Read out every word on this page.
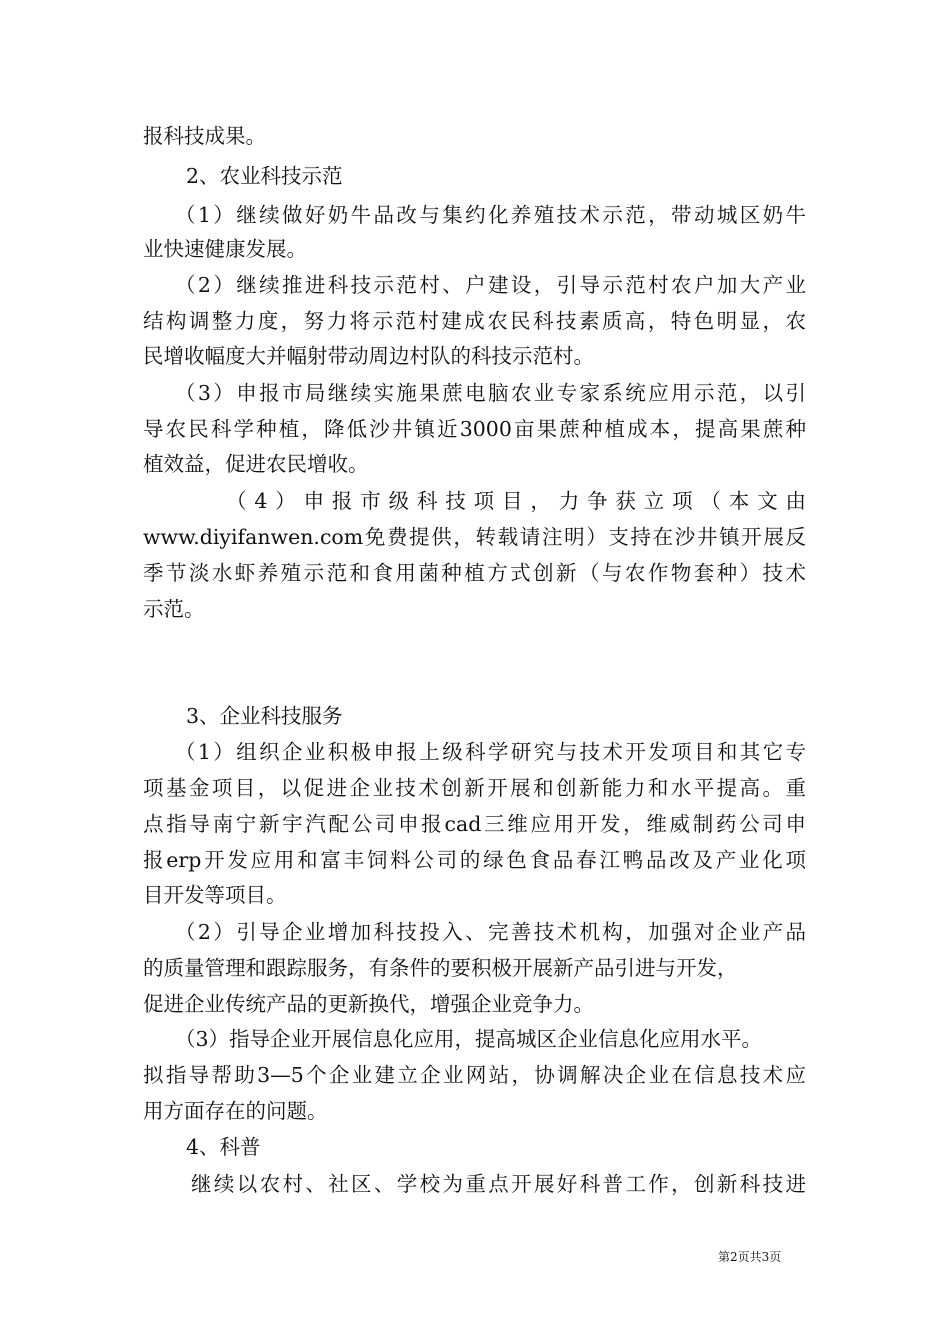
报科技成果。
2、农业科技示范
（1）继续做好奶牛品改与集约化养殖技术示范，带动城区奶牛
业快速健康发展。
（2）继续推进科技示范村、户建设，引导示范村农户加大产业
结构调整力度，努力将示范村建成农民科技素质高，特色明显，农
民增收幅度大并幅射带动周边村队的科技示范村。
（3）申报市局继续实施果蔗电脑农业专家系统应用示范，以引
导农民科学种植，降低沙井镇近3000亩果蔗种植成本，提高果蔗种
植效益，促进农民增收。
（4）申报市级科技项目，力争获立项（本文由
www.diyifanwen.com免费提供，转载请注明）支持在沙井镇开展反
季节淡水虾养殖示范和食用菌种植方式创新（与农作物套种）技术
示范。
3、企业科技服务
（1）组织企业积极申报上级科学研究与技术开发项目和其它专
项基金项目，以促进企业技术创新开展和创新能力和水平提高。重
点指导南宁新宇汽配公司申报cad三维应用开发，维威制药公司申
报erp开发应用和富丰饲料公司的绿色食品春江鸭品改及产业化项
目开发等项目。
（2）引导企业增加科技投入、完善技术机构，加强对企业产品
的质量管理和跟踪服务，有条件的要积极开展新产品引进与开发，
促进企业传统产品的更新换代，增强企业竞争力。
（3）指导企业开展信息化应用，提高城区企业信息化应用水平。
拟指导帮助3—5个企业建立企业网站，协调解决企业在信息技术应
用方面存在的问题。
4、科普
继续以农村、社区、学校为重点开展好科普工作，创新科技进
第2页共3页
